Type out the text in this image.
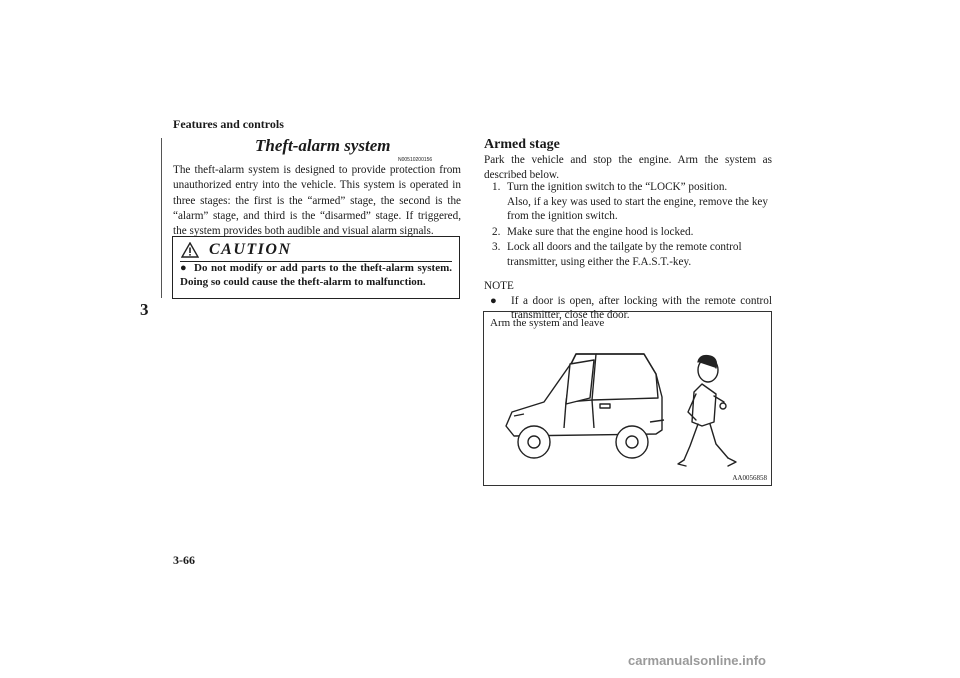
Features and controls
3
Theft-alarm system
N00510200156
The theft-alarm system is designed to provide protection from unauthorized entry into the vehicle. This system is operated in three stages: the first is the “armed” stage, the second is the “alarm” stage, and third is the “disarmed” stage. If triggered, the system provides both audible and visual alarm signals.
CAUTION
● Do not modify or add parts to the theft-alarm system. Doing so could cause the theft-alarm to malfunction.
Armed stage
Park the vehicle and stop the engine. Arm the system as described below.
1. Turn the ignition switch to the “LOCK” position.
Also, if a key was used to start the engine, remove the key from the ignition switch.
2. Make sure that the engine hood is locked.
3. Lock all doors and the tailgate by the remote control transmitter, using either the F.A.S.T.-key.
NOTE
●	If a door is open, after locking with the remote control transmitter, close the door.
Arm the system and leave
AA0056858
3-66
carmanualsonline.info
